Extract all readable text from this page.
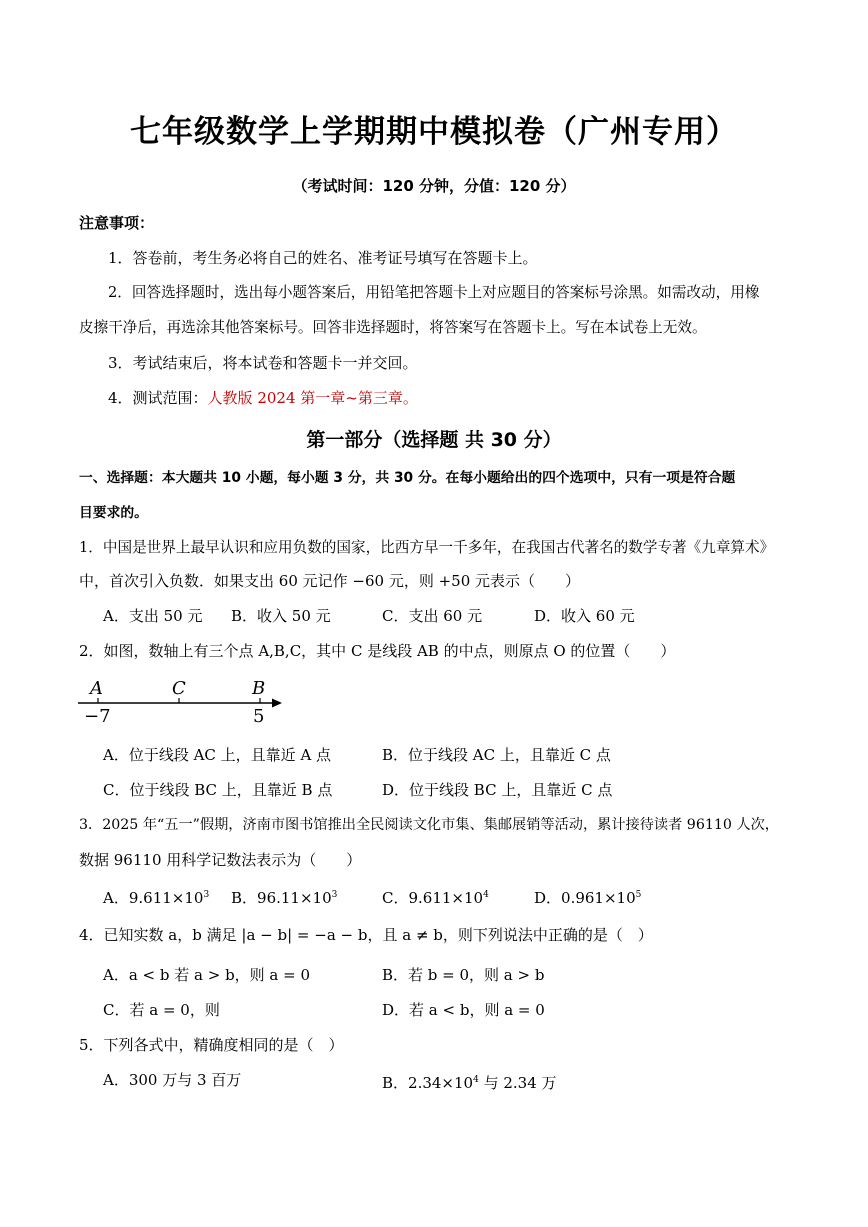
七年级数学上学期期中模拟卷（广州专用）
（考试时间：120 分钟，分值：120 分）
注意事项：
1．答卷前，考生务必将自己的姓名、准考证号填写在答题卡上。
2．回答选择题时，选出每小题答案后，用铅笔把答题卡上对应题目的答案标号涂黑。如需改动，用橡
皮擦干净后，再选涂其他答案标号。回答非选择题时，将答案写在答题卡上。写在本试卷上无效。
3．考试结束后，将本试卷和答题卡一并交回。
4．测试范围：人教版 2024 第一章~第三章。
第一部分（选择题 共 30 分）
一、选择题：本大题共 10 小题，每小题 3 分，共 30 分。在每小题给出的四个选项中，只有一项是符合题
目要求的。
1．中国是世界上最早认识和应用负数的国家，比西方早一千多年，在我国古代著名的数学专著《九章算术》
中，首次引入负数．如果支出 60 元记作 −60 元，则 +50 元表示（　　）
A．支出 50 元 B．收入 50 元	C．支出 60 元	D．收入 60 元
2．如图，数轴上有三个点 A,B,C，其中 C 是线段 AB 的中点，则原点 O 的位置（　　）
A	C	B
−7	5
A．位于线段 AC 上，且靠近 A 点	B．位于线段 AC 上，且靠近 C 点
C．位于线段 BC 上，且靠近 B 点	D．位于线段 BC 上，且靠近 C 点
3．2025 年“五一”假期，济南市图书馆推出全民阅读文化市集、集邮展销等活动，累计接待读者 96110 人次，
数据 96110 用科学记数法表示为（　　）
A．$9.611\times 10^3$ B．$96.11\times 10^3$	C．$9.611\times 10^4$	D．$0.961\times 10^5$
4．已知实数 a，b 满足 |a − b| = −a − b，且 a ≠ b，则下列说法中正确的是（　）
A．a < b 若 a > b，则 a = 0	B．若 b = 0，则 a > b
C．若 a = 0，则	D．若 a < b，则 a = 0
5．下列各式中，精确度相同的是（　）
A．300 万与 3 百万	B．$2.34\times 10^4$ 与 2.34 万
